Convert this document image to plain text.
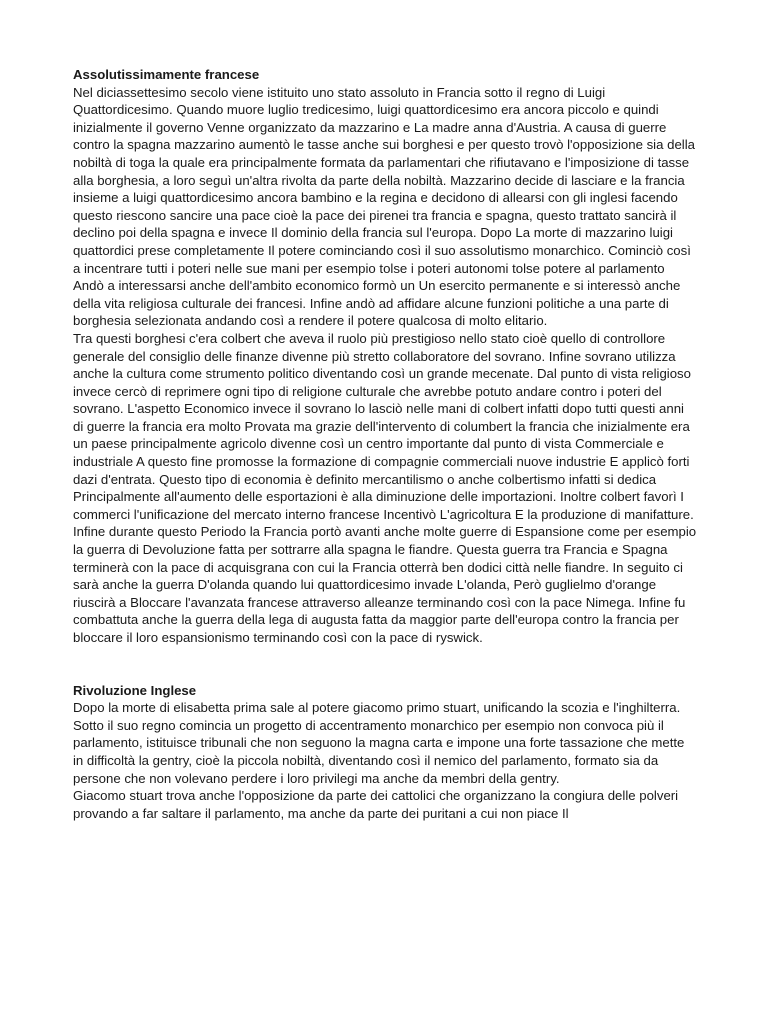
Assolutissimamente francese

Nel diciassettesimo secolo viene istituito uno stato assoluto in Francia sotto il regno di Luigi Quattordicesimo. Quando muore luglio tredicesimo, luigi quattordicesimo era ancora piccolo e quindi inizialmente il governo Venne organizzato da mazzarino e La madre anna d'Austria. A causa di guerre contro la spagna mazzarino aumentò le tasse anche sui borghesi e per questo trovò l'opposizione sia della nobiltà di toga la quale era principalmente formata da parlamentari che rifiutavano e l'imposizione di tasse alla borghesia, a loro seguì un'altra rivolta da parte della nobiltà. Mazzarino decide di lasciare e la francia insieme a luigi quattordicesimo ancora bambino e la regina e decidono di allearsi con gli inglesi facendo questo riescono sancire una pace cioè la pace dei pirenei tra francia e spagna, questo trattato sancirà il declino poi della spagna e invece Il dominio della francia sul l'europa. Dopo La morte di mazzarino luigi quattordici prese completamente Il potere cominciando così il suo assolutismo monarchico. Cominciò così a incentrare tutti i poteri nelle sue mani per esempio tolse i poteri autonomi tolse potere al parlamento Andò a interessarsi anche dell'ambito economico formò un Un esercito permanente e si interessò anche della vita religiosa culturale dei francesi. Infine andò ad affidare alcune funzioni politiche a una parte di borghesia selezionata andando così a rendere il potere qualcosa di molto elitario.

Tra questi borghesi c'era colbert che aveva il ruolo più prestigioso nello stato cioè quello di controllore generale del consiglio delle finanze divenne più stretto collaboratore del sovrano. Infine sovrano utilizza anche la cultura come strumento politico diventando così un grande mecenate. Dal punto di vista religioso invece cercò di reprimere ogni tipo di religione culturale che avrebbe potuto andare contro i poteri del sovrano. L'aspetto Economico invece il sovrano lo lasciò nelle mani di colbert infatti dopo tutti questi anni di guerre la francia era molto Provata ma grazie dell'intervento di columbert la francia che inizialmente era un paese principalmente agricolo divenne così un centro importante dal punto di vista Commerciale e industriale A questo fine promosse la formazione di compagnie commerciali nuove industrie E applicò forti dazi d'entrata. Questo tipo di economia è definito mercantilismo o anche colbertismo infatti si dedica Principalmente all'aumento delle esportazioni è alla diminuzione delle importazioni. Inoltre colbert favorì I commerci l'unificazione del mercato interno francese Incentivò L'agricoltura E la produzione di manifatture.

Infine durante questo Periodo la Francia portò avanti anche molte guerre di Espansione come per esempio la guerra di Devoluzione fatta per sottrarre alla spagna le fiandre. Questa guerra tra Francia e Spagna terminerà con la pace di acquisgrana con cui la Francia otterrà ben dodici città nelle fiandre. In seguito ci sarà anche la guerra D'olanda quando lui quattordicesimo invade L'olanda, Però guglielmo d'orange riuscirà a Bloccare l'avanzata francese attraverso alleanze terminando così con la pace Nimega. Infine fu combattuta anche la guerra della lega di augusta fatta da maggior parte dell'europa contro la francia per bloccare il loro espansionismo terminando così con la pace di ryswick.

Rivoluzione Inglese

Dopo la morte di elisabetta prima sale al potere giacomo primo stuart, unificando la scozia e l'inghilterra. Sotto il suo regno comincia un progetto di accentramento monarchico per esempio non convoca più il parlamento, istituisce tribunali che non seguono la magna carta e impone una forte tassazione che mette in difficoltà la gentry, cioè la piccola nobiltà, diventando così il nemico del parlamento, formato sia da persone che non volevano perdere i loro privilegi ma anche da membri della gentry.

Giacomo stuart trova anche l'opposizione da parte dei cattolici che organizzano la congiura delle polveri provando a far saltare il parlamento, ma anche da parte dei puritani a cui non piace Il
